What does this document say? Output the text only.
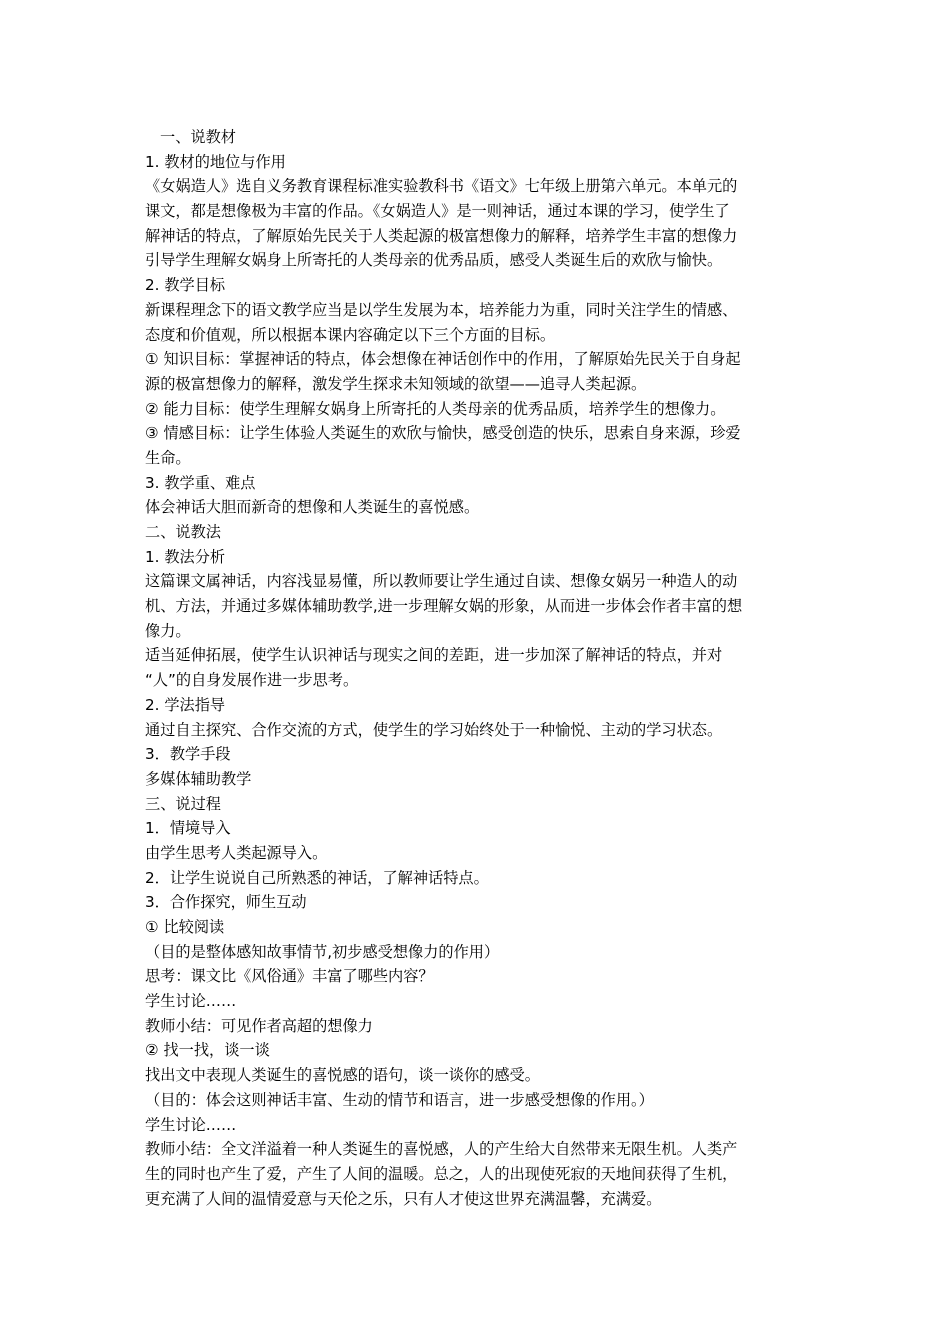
一、说教材
1. 教材的地位与作用
《女娲造人》选自义务教育课程标准实验教科书《语文》七年级上册第六单元。本单元的
课文，都是想像极为丰富的作品。《女娲造人》是一则神话，通过本课的学习，使学生了
解神话的特点，了解原始先民关于人类起源的极富想像力的解释，培养学生丰富的想像力
引导学生理解女娲身上所寄托的人类母亲的优秀品质，感受人类诞生后的欢欣与愉快。
2. 教学目标
新课程理念下的语文教学应当是以学生发展为本，培养能力为重，同时关注学生的情感、
态度和价值观，所以根据本课内容确定以下三个方面的目标。
① 知识目标：掌握神话的特点，体会想像在神话创作中的作用，了解原始先民关于自身起
源的极富想像力的解释，激发学生探求未知领域的欲望——追寻人类起源。
② 能力目标：使学生理解女娲身上所寄托的人类母亲的优秀品质，培养学生的想像力。
③ 情感目标：让学生体验人类诞生的欢欣与愉快，感受创造的快乐，思索自身来源，珍爱
生命。
3. 教学重、难点
体会神话大胆而新奇的想像和人类诞生的喜悦感。
二、说教法
1. 教法分析
这篇课文属神话，内容浅显易懂，所以教师要让学生通过自读、想像女娲另一种造人的动
机、方法，并通过多媒体辅助教学,进一步理解女娲的形象，从而进一步体会作者丰富的想
像力。
适当延伸拓展，使学生认识神话与现实之间的差距，进一步加深了解神话的特点，并对
“人”的自身发展作进一步思考。
2. 学法指导
通过自主探究、合作交流的方式，使学生的学习始终处于一种愉悦、主动的学习状态。
3．教学手段
多媒体辅助教学
三、说过程
1．情境导入
由学生思考人类起源导入。
2．让学生说说自己所熟悉的神话，了解神话特点。
3．合作探究，师生互动
① 比较阅读
（目的是整体感知故事情节,初步感受想像力的作用）
思考：课文比《风俗通》丰富了哪些内容？
学生讨论……
教师小结：可见作者高超的想像力
② 找一找，谈一谈
找出文中表现人类诞生的喜悦感的语句，谈一谈你的感受。
（目的：体会这则神话丰富、生动的情节和语言，进一步感受想像的作用。）
学生讨论……
教师小结：全文洋溢着一种人类诞生的喜悦感，人的产生给大自然带来无限生机。人类产
生的同时也产生了爱，产生了人间的温暖。总之，人的出现使死寂的天地间获得了生机，
更充满了人间的温情爱意与天伦之乐，只有人才使这世界充满温馨，充满爱。
